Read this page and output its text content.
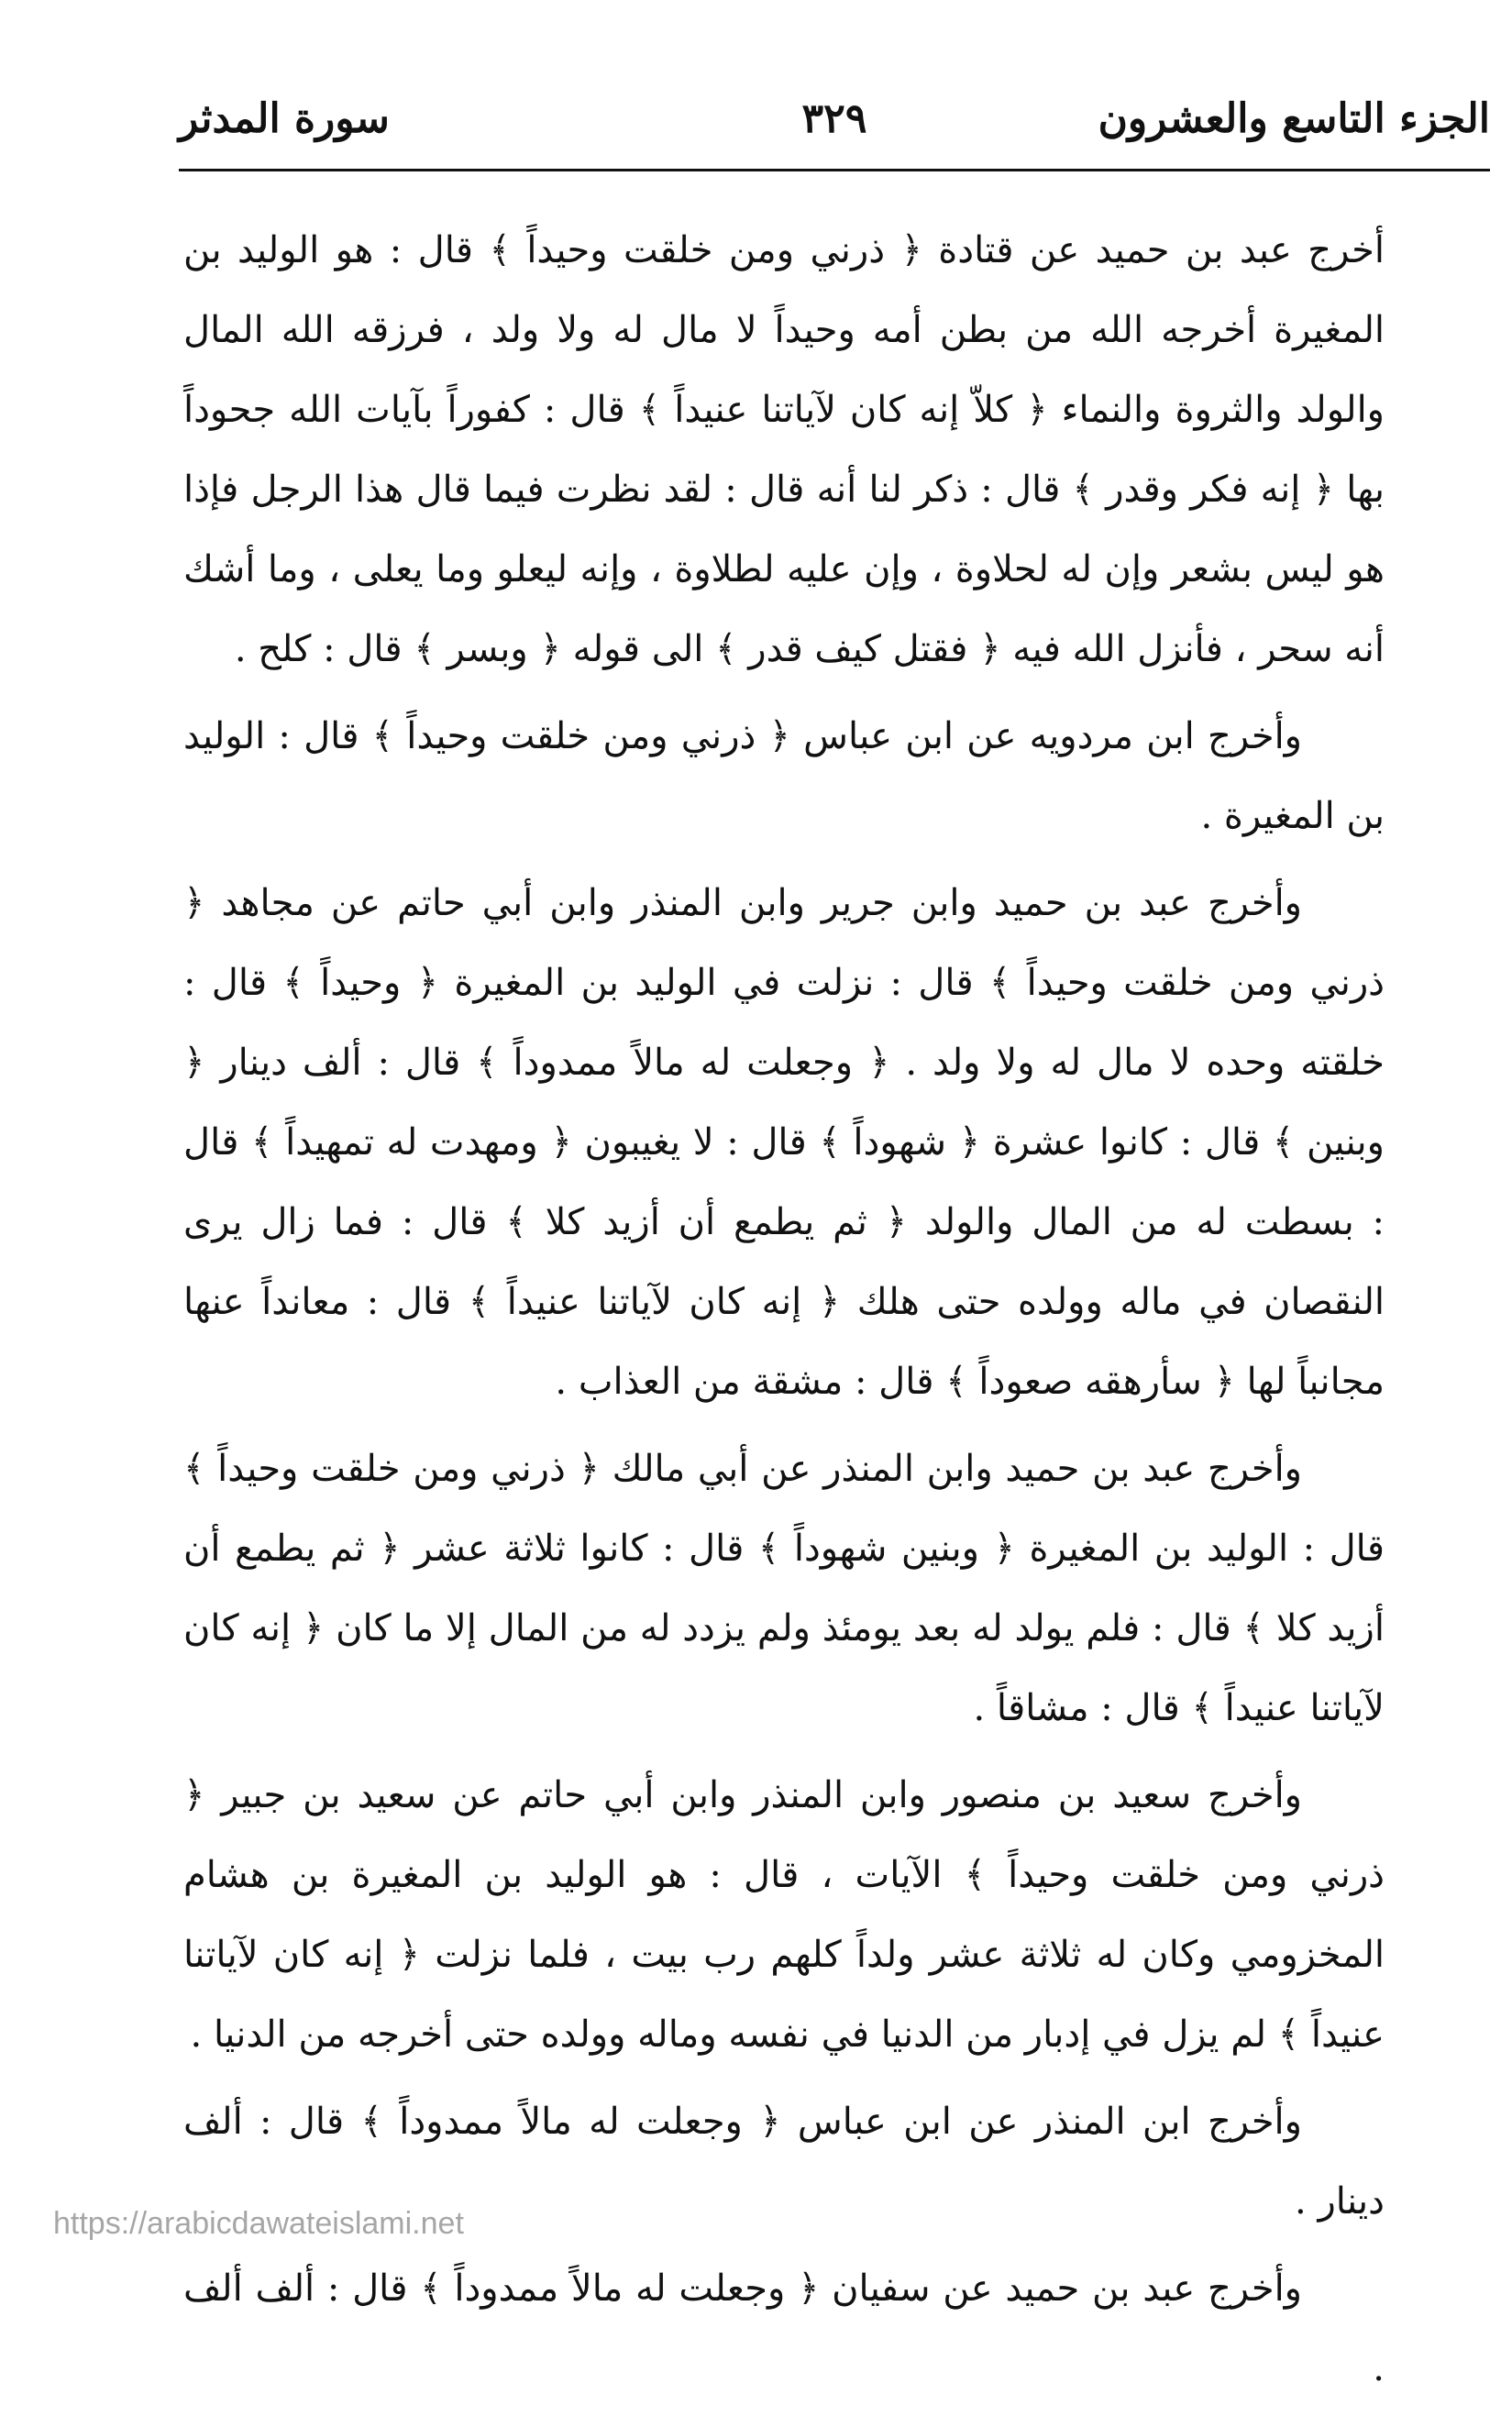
الجزء التاسع والعشرون
٣٢٩
سورة المدثر

أخرج عبد بن حميد عن قتادة ﴿ ذرني ومن خلقت وحيداً ﴾ قال : هو الوليد بن المغيرة أخرجه الله من بطن أمه وحيداً لا مال له ولا ولد ، فرزقه الله المال والولد والثروة والنماء ﴿ كلاّ إنه كان لآياتنا عنيداً ﴾ قال : كفوراً بآيات الله جحوداً بها ﴿ إنه فكر وقدر ﴾ قال : ذكر لنا أنه قال : لقد نظرت فيما قال هذا الرجل فإذا هو ليس بشعر وإن له لحلاوة ، وإن عليه لطلاوة ، وإنه ليعلو وما يعلى ، وما أشك أنه سحر ، فأنزل الله فيه ﴿ فقتل كيف قدر ﴾ الى قوله ﴿ وبسر ﴾ قال : كلح .

وأخرج ابن مردويه عن ابن عباس ﴿ ذرني ومن خلقت وحيداً ﴾ قال : الوليد بن المغيرة .

وأخرج عبد بن حميد وابن جرير وابن المنذر وابن أبي حاتم عن مجاهد ﴿ ذرني ومن خلقت وحيداً ﴾ قال : نزلت في الوليد بن المغيرة ﴿ وحيداً ﴾ قال : خلقته وحده لا مال له ولا ولد . ﴿ وجعلت له مالاً ممدوداً ﴾ قال : ألف دينار ﴿ وبنين ﴾ قال : كانوا عشرة ﴿ شهوداً ﴾ قال : لا يغيبون ﴿ ومهدت له تمهيداً ﴾ قال : بسطت له من المال والولد ﴿ ثم يطمع أن أزيد كلا ﴾ قال : فما زال يرى النقصان في ماله وولده حتى هلك ﴿ إنه كان لآياتنا عنيداً ﴾ قال : معانداً عنها مجانباً لها ﴿ سأرهقه صعوداً ﴾ قال : مشقة من العذاب .

وأخرج عبد بن حميد وابن المنذر عن أبي مالك ﴿ ذرني ومن خلقت وحيداً ﴾ قال : الوليد بن المغيرة ﴿ وبنين شهوداً ﴾ قال : كانوا ثلاثة عشر ﴿ ثم يطمع أن أزيد كلا ﴾ قال : فلم يولد له بعد يومئذ ولم يزدد له من المال إلا ما كان ﴿ إنه كان لآياتنا عنيداً ﴾ قال : مشاقاً .

وأخرج سعيد بن منصور وابن المنذر وابن أبي حاتم عن سعيد بن جبير ﴿ ذرني ومن خلقت وحيداً ﴾ الآيات ، قال : هو الوليد بن المغيرة بن هشام المخزومي وكان له ثلاثة عشر ولداً كلهم رب بيت ، فلما نزلت ﴿ إنه كان لآياتنا عنيداً ﴾ لم يزل في إدبار من الدنيا في نفسه وماله وولده حتى أخرجه من الدنيا .

وأخرج ابن المنذر عن ابن عباس ﴿ وجعلت له مالاً ممدوداً ﴾ قال : ألف دينار .

وأخرج عبد بن حميد عن سفيان ﴿ وجعلت له مالاً ممدوداً ﴾ قال : ألف ألف .

https://arabicdawateislami.net
